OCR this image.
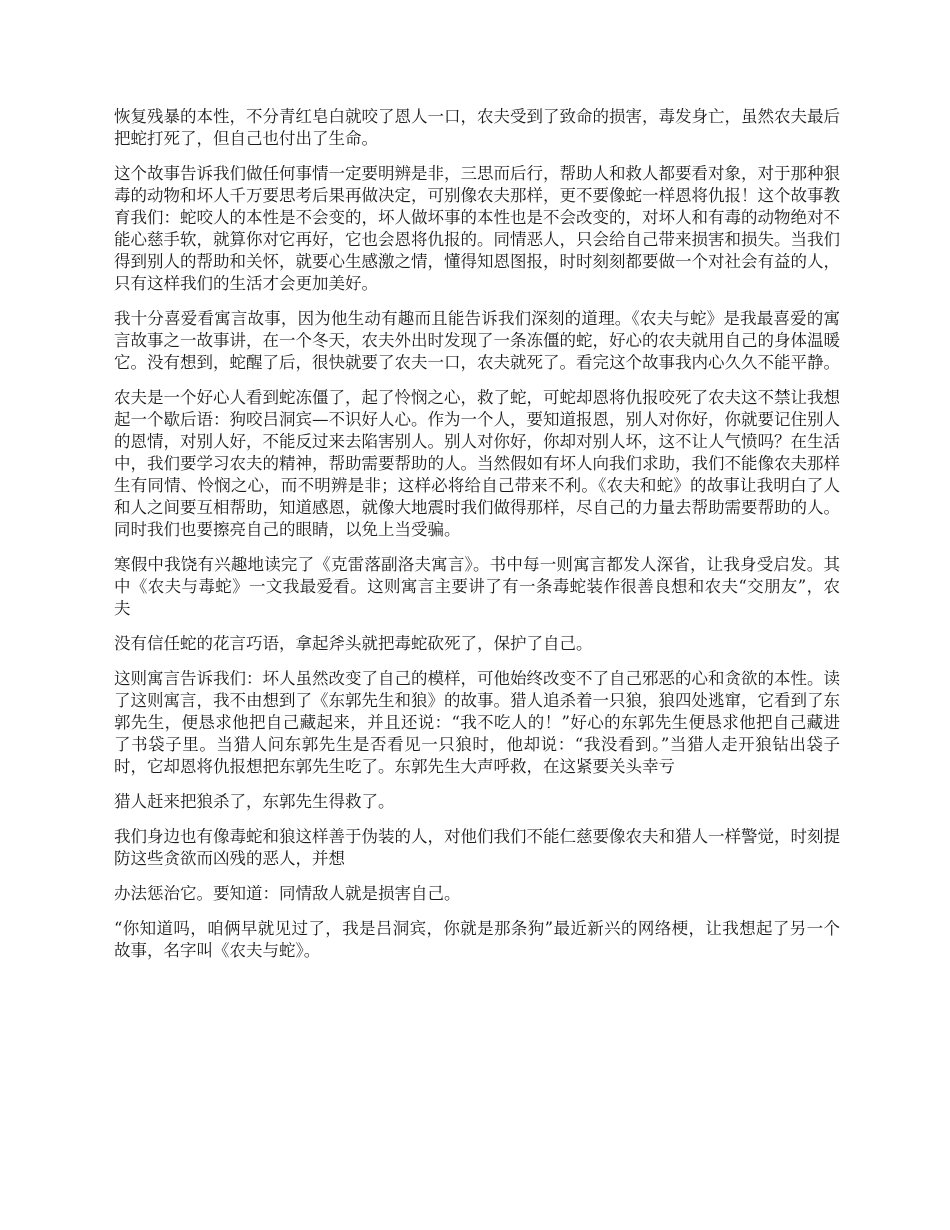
恢复残暴的本性，不分青红皂白就咬了恩人一口，农夫受到了致命的损害，毒发身亡，虽然农夫最后把蛇打死了，但自己也付出了生命。

这个故事告诉我们做任何事情一定要明辨是非，三思而后行，帮助人和救人都要看对象，对于那种狠毒的动物和坏人千万要思考后果再做决定，可别像农夫那样，更不要像蛇一样恩将仇报！这个故事教育我们：蛇咬人的本性是不会变的，坏人做坏事的本性也是不会改变的，对坏人和有毒的动物绝对不能心慈手软，就算你对它再好，它也会恩将仇报的。同情恶人，只会给自己带来损害和损失。当我们得到别人的帮助和关怀，就要心生感激之情，懂得知恩图报，时时刻刻都要做一个对社会有益的人，只有这样我们的生活才会更加美好。

我十分喜爱看寓言故事，因为他生动有趣而且能告诉我们深刻的道理。《农夫与蛇》是我最喜爱的寓言故事之一故事讲，在一个冬天，农夫外出时发现了一条冻僵的蛇，好心的农夫就用自己的身体温暖它。没有想到，蛇醒了后，很快就要了农夫一口，农夫就死了。看完这个故事我内心久久不能平静。

农夫是一个好心人看到蛇冻僵了，起了怜悯之心，救了蛇，可蛇却恩将仇报咬死了农夫这不禁让我想起一个歇后语：狗咬吕洞宾—不识好人心。作为一个人，要知道报恩，别人对你好，你就要记住别人的恩情，对别人好，不能反过来去陷害别人。别人对你好，你却对别人坏，这不让人气愤吗？在生活中，我们要学习农夫的精神，帮助需要帮助的人。当然假如有坏人向我们求助，我们不能像农夫那样生有同情、怜悯之心，而不明辨是非；这样必将给自己带来不利。《农夫和蛇》的故事让我明白了人和人之间要互相帮助，知道感恩，就像大地震时我们做得那样，尽自己的力量去帮助需要帮助的人。同时我们也要擦亮自己的眼睛，以免上当受骗。

寒假中我饶有兴趣地读完了《克雷落副洛夫寓言》。书中每一则寓言都发人深省，让我身受启发。其中《农夫与毒蛇》一文我最爱看。这则寓言主要讲了有一条毒蛇装作很善良想和农夫“交朋友”，农夫

没有信任蛇的花言巧语，拿起斧头就把毒蛇砍死了，保护了自己。

这则寓言告诉我们：坏人虽然改变了自己的模样，可他始终改变不了自己邪恶的心和贪欲的本性。读了这则寓言，我不由想到了《东郭先生和狼》的故事。猎人追杀着一只狼，狼四处逃窜，它看到了东郭先生，便恳求他把自己藏起来，并且还说：“我不吃人的！”好心的东郭先生便恳求他把自己藏进了书袋子里。当猎人问东郭先生是否看见一只狼时，他却说：“我没看到。”当猎人走开狼钻出袋子时，它却恩将仇报想把东郭先生吃了。东郭先生大声呼救，在这紧要关头幸亏

猎人赶来把狼杀了，东郭先生得救了。

我们身边也有像毒蛇和狼这样善于伪装的人，对他们我们不能仁慈要像农夫和猎人一样警觉，时刻提防这些贪欲而凶残的恶人，并想

办法惩治它。要知道：同情敌人就是损害自己。

“你知道吗，咱俩早就见过了，我是吕洞宾，你就是那条狗”最近新兴的网络梗，让我想起了另一个故事，名字叫《农夫与蛇》。
